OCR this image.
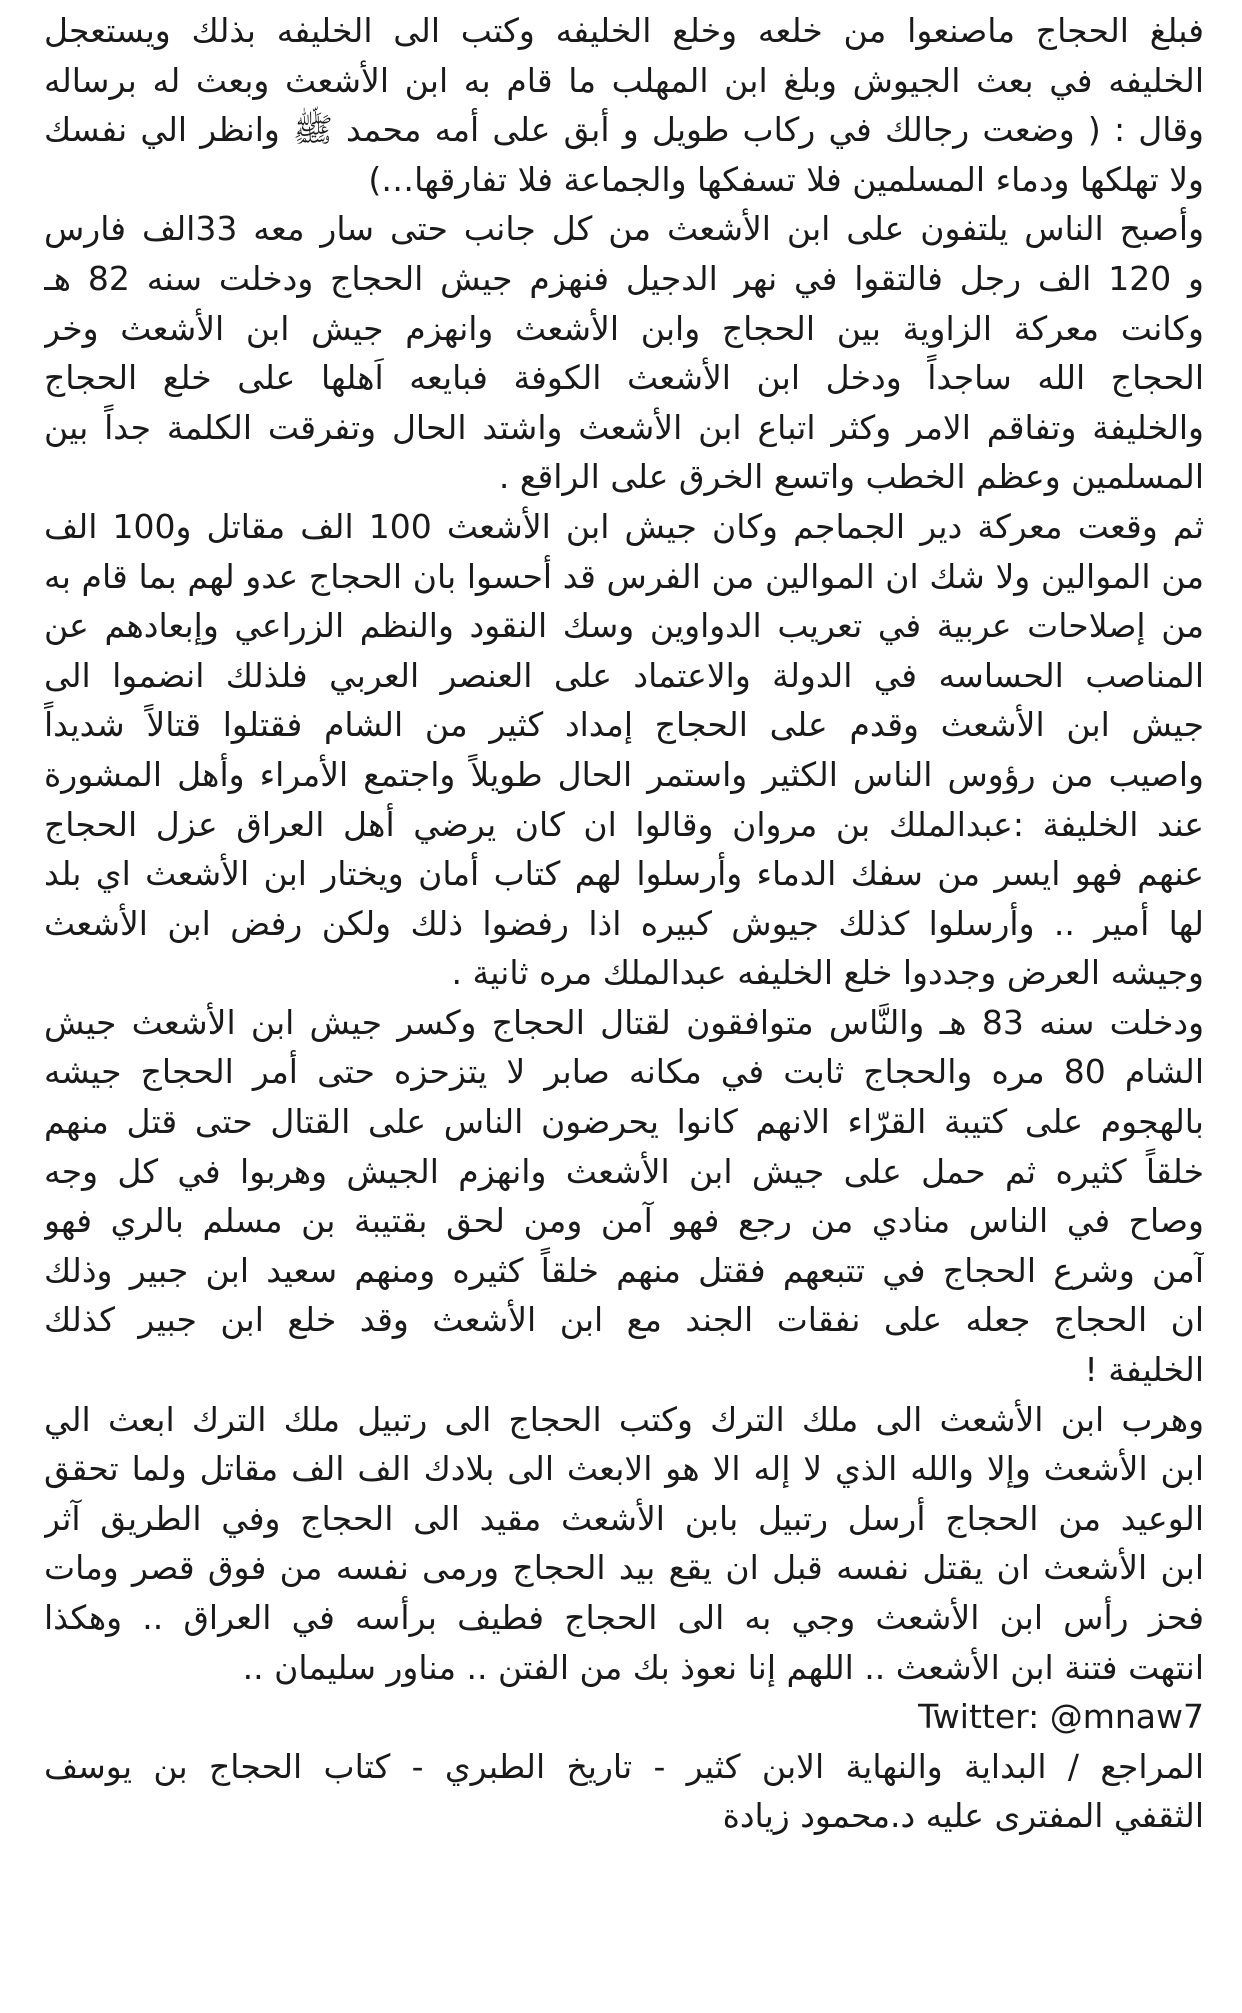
فبلغ الحجاج ماصنعوا من خلعه وخلع الخليفه وكتب الى الخليفه بذلك ويستعجل
الخليفه في بعث الجيوش وبلغ ابن المهلب ما قام به ابن الأشعث وبعث له برساله
وقال : ( وضعت رجالك في ركاب طويل و أبق على أمه محمد ﷺ وانظر الي نفسك
ولا تهلكها ودماء المسلمين فلا تسفكها والجماعة فلا تفارقها…)
وأصبح الناس يلتفون على ابن الأشعث من كل جانب حتى سار معه 33الف فارس
و 120 الف رجل فالتقوا في نهر الدجيل فنهزم جيش الحجاج ودخلت سنه 82 هـ
وكانت معركة الزاوية بين الحجاج وابن الأشعث وانهزم جيش ابن الأشعث وخر
الحجاج الله ساجداً ودخل ابن الأشعث الكوفة فبايعه اَهلها على خلع الحجاج
والخليفة وتفاقم الامر وكثر اتباع ابن الأشعث واشتد الحال وتفرقت الكلمة جداً بين
المسلمين وعظم الخطب واتسع الخرق على الراقع .
ثم وقعت معركة دير الجماجم وكان جيش ابن الأشعث 100 الف مقاتل و100 الف
من الموالين ولا شك ان الموالين من الفرس قد أحسوا بان الحجاج عدو لهم بما قام به
من إصلاحات عربية في تعريب الدواوين وسك النقود والنظم الزراعي وإبعادهم عن
المناصب الحساسه في الدولة والاعتماد على العنصر العربي فلذلك انضموا الى
جيش ابن الأشعث وقدم على الحجاج إمداد كثير من الشام فقتلوا قتالاً شديداً
واصيب من رؤوس الناس الكثير واستمر الحال طويلاً واجتمع الأمراء وأهل المشورة
عند الخليفة :عبدالملك بن مروان وقالوا ان كان يرضي أهل العراق عزل الحجاج
عنهم فهو ايسر من سفك الدماء وأرسلوا لهم كتاب أمان ويختار ابن الأشعث اي بلد
لها أمير .. وأرسلوا كذلك جيوش كبيره اذا رفضوا ذلك ولكن رفض ابن الأشعث
وجيشه العرض وجددوا خلع الخليفه عبدالملك مره ثانية .
ودخلت سنه 83 هـ والنَّاس متوافقون لقتال الحجاج وكسر جيش ابن الأشعث جيش
الشام 80 مره والحجاج ثابت في مكانه صابر لا يتزحزه حتى أمر الحجاج جيشه
بالهجوم على كتيبة القرّاء الانهم كانوا يحرضون الناس على القتال حتى قتل منهم
خلقاً كثيره ثم حمل على جيش ابن الأشعث وانهزم الجيش وهربوا في كل وجه
وصاح في الناس منادي من رجع فهو آمن ومن لحق بقتيبة بن مسلم بالري فهو
آمن وشرع الحجاج في تتبعهم فقتل منهم خلقاً كثيره ومنهم سعيد ابن جبير وذلك
ان الحجاج جعله على نفقات الجند مع ابن الأشعث وقد خلع ابن جبير كذلك
الخليفة !
وهرب ابن الأشعث الى ملك الترك وكتب الحجاج الى رتبيل ملك الترك ابعث الي
ابن الأشعث وإلا والله الذي لا إله الا هو الابعث الى بلادك الف الف مقاتل ولما تحقق
الوعيد من الحجاج أرسل رتبيل بابن الأشعث مقيد الى الحجاج وفي الطريق آثر
ابن الأشعث ان يقتل نفسه قبل ان يقع بيد الحجاج ورمى نفسه من فوق قصر ومات
فحز رأس ابن الأشعث وجي به الى الحجاج فطيف برأسه في العراق .. وهكذا
انتهت فتنة ابن الأشعث .. اللهم إنا نعوذ بك من الفتن .. مناور سليمان ..
Twitter: @mnaw7
المراجع / البداية والنهاية الابن كثير - تاريخ الطبري - كتاب الحجاج بن يوسف
الثقفي المفترى عليه د.محمود زيادة
